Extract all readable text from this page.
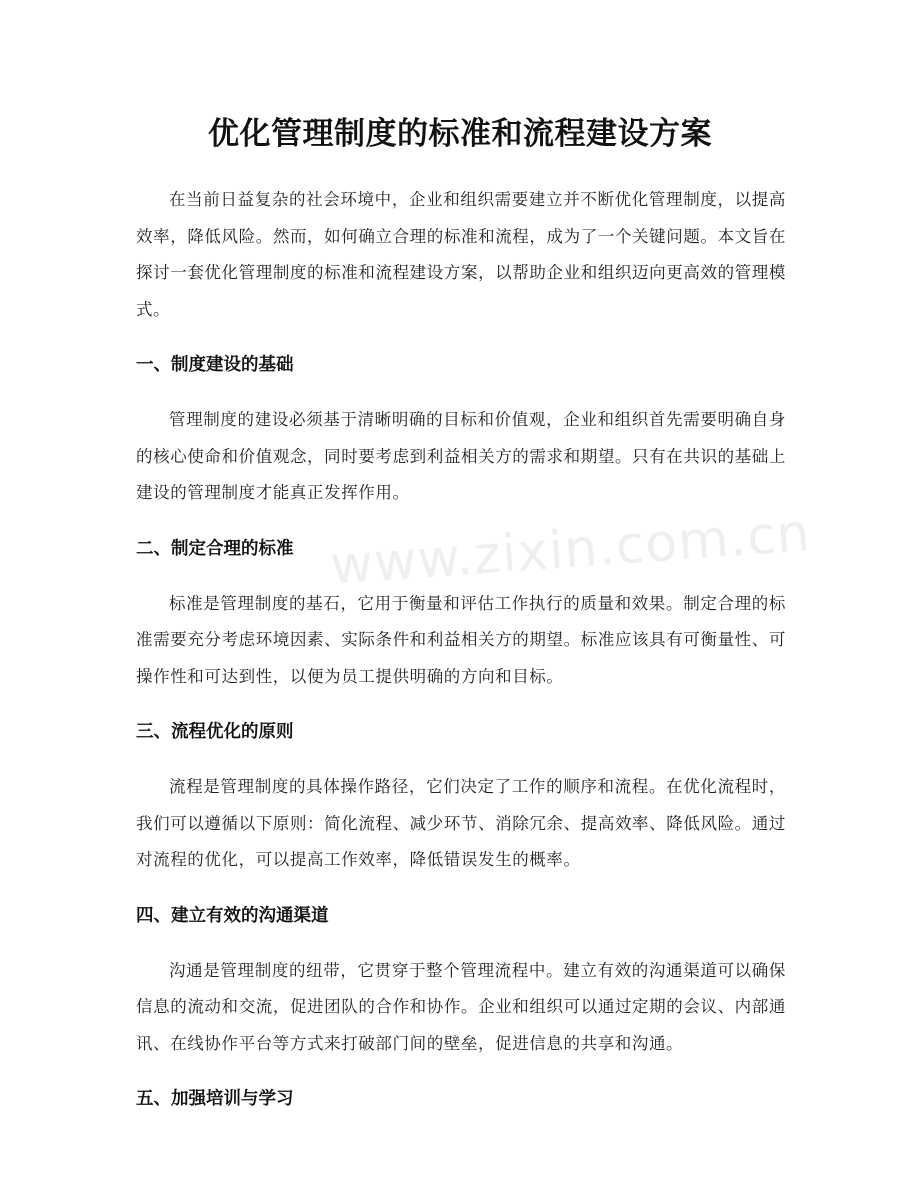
www.zixin.com.cn
优化管理制度的标准和流程建设方案

在当前日益复杂的社会环境中，企业和组织需要建立并不断优化管理制度，以提高效率，降低风险。然而，如何确立合理的标准和流程，成为了一个关键问题。本文旨在探讨一套优化管理制度的标准和流程建设方案，以帮助企业和组织迈向更高效的管理模式。

一、制度建设的基础

管理制度的建设必须基于清晰明确的目标和价值观，企业和组织首先需要明确自身的核心使命和价值观念，同时要考虑到利益相关方的需求和期望。只有在共识的基础上建设的管理制度才能真正发挥作用。

二、制定合理的标准

标准是管理制度的基石，它用于衡量和评估工作执行的质量和效果。制定合理的标准需要充分考虑环境因素、实际条件和利益相关方的期望。标准应该具有可衡量性、可操作性和可达到性，以便为员工提供明确的方向和目标。

三、流程优化的原则

流程是管理制度的具体操作路径，它们决定了工作的顺序和流程。在优化流程时，我们可以遵循以下原则：简化流程、减少环节、消除冗余、提高效率、降低风险。通过对流程的优化，可以提高工作效率，降低错误发生的概率。

四、建立有效的沟通渠道

沟通是管理制度的纽带，它贯穿于整个管理流程中。建立有效的沟通渠道可以确保信息的流动和交流，促进团队的合作和协作。企业和组织可以通过定期的会议、内部通讯、在线协作平台等方式来打破部门间的壁垒，促进信息的共享和沟通。

五、加强培训与学习
